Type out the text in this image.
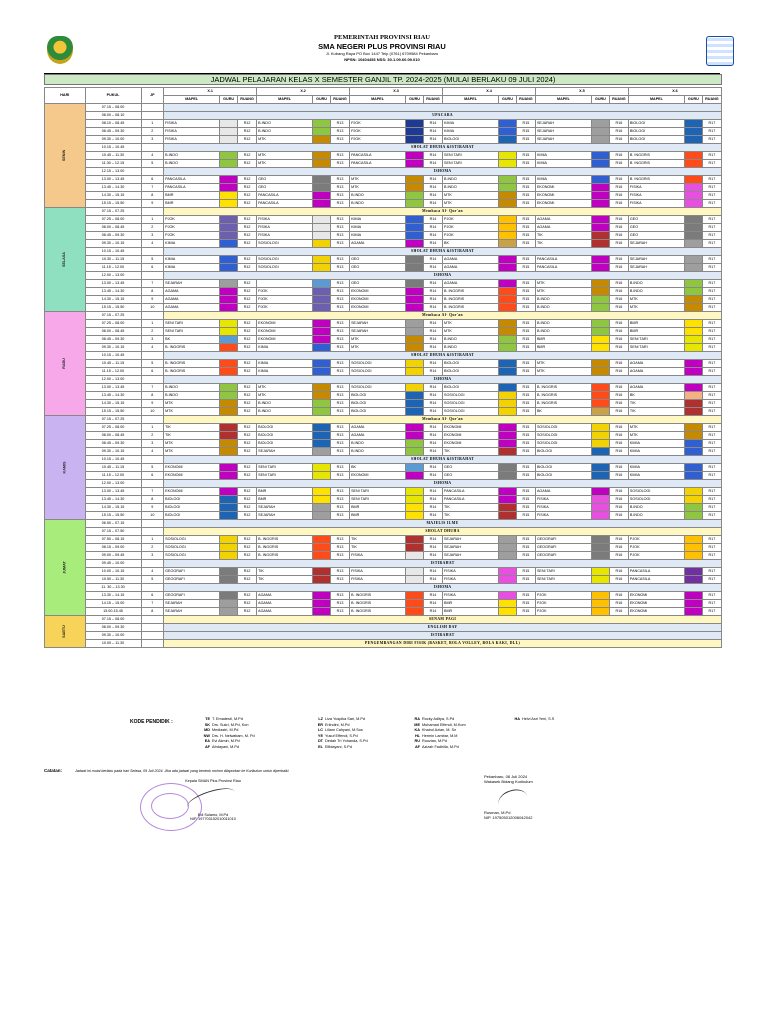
PEMERINTAH PROVINSI RIAU
SMA NEGERI PLUS PROVINSI RIAU
Jl. Kubang Raya PO Box 1447 Telp (0761) 6709584 Pekanbaru
NPSN: 10404453 NSS: 30.1.09.60.09.010
JADWAL PELAJARAN KELAS X SEMESTER GANJIL TP. 2024-2025 (MULAI BERLAKU 09 JULI 2024)
HARI	PUKUL	JP	X.1			X.2			X.3			X.4			X.5			X.6		
			MAPEL	GURU	RUANG	MAPEL	GURU	RUANG	MAPEL	GURU	RUANG	MAPEL	GURU	RUANG	MAPEL	GURU	RUANG	MAPEL	GURU	RUANG
SENIN	07.15 – 08.00																			
	08.00 – 08.10		UPACARA																	
	08.10 – 08.45	1	FISIKA		R12	B.INDO		R13	PJOK		R14	KIMIA		R15	SEJARAH		R16	BIOLOGI		R17
	08.45 – 09.30	2	FISIKA		R12	B.INDO		R13	PJOK		R14	KIMIA		R15	SEJARAH		R16	BIOLOGI		R17
	09.30 – 10.00	3	FISIKA		R12	MTK		R13	PJOK		R14	BIOLOGI		R15	SEJARAH		R16	BIOLOGI		R17
	10.15 – 10.45		SHOLAT DHUHA &ISTIRAHAT																	
	10.45 – 11.30	4	B.INDO		R12	MTK		R13	PANCASILA		R14	SENI TARI		R15	KIMIA		R16	B. INGGRIS		R17
	11.30 – 12.15	5	B.INDO		R12	MTK		R13	PANCASILA		R14	SENI TARI		R15	KIMIA		R16	B. INGGRIS		R17
	12.15 – 13.00		ISHOMA																	
	13.00 – 13.45	6	PANCASILA		R12	GEO		R13	MTK		R14	B.INDO		R15	KIMIA		R16	B. INGGRIS		R17
	13.45 – 14.30	7	PANCASILA		R12	GEO		R13	MTK		R14	B.INDO		R15	EKONOMI		R16	FISIKA		R17
	14.30 – 15.15	8	BMR		R12	PANCASILA		R13	B.INDO		R14	MTK		R15	EKONOMI		R16	FISIKA		R17
	15.15 – 15.50	9	BMR		R12	PANCASILA		R13	B.INDO		R14	MTK		R15	EKONOMI		R16	FISIKA		R17
SELASA	07.15 – 07.25		Membaca Al- Qur'an																	
	07.25 – 08.00	1	PJOK		R12	FISIKA		R13	KIMIA		R14	PJOK		R15	AGAMA		R16	GEO		R17
	08.00 – 08.45	2	PJOK		R12	FISIKA		R13	KIMIA		R14	PJOK		R15	AGAMA		R16	GEO		R17
	08.45 – 09.30	3	PJOK		R12	FISIKA		R13	KIMIA		R14	PJOK		R15	TIK		R16	GEO		R17
	09.30 – 10.15	4	KIMIA		R12	SOSIOLOGI		R13	AGAMA		R14	BK		R15	TIK		R16	SEJARAH		R17
	10.15 – 10.45		SHOLAT DHUHA &ISTIRAHAT																	
	10.30 – 11.15	5	KIMIA		R12	SOSIOLOGI		R13	GEO		R14	AGAMA		R15	PANCASILA		R16	SEJARAH		R17
	11.15 – 12.00	6	KIMIA		R12	SOSIOLOGI		R13	GEO		R14	AGAMA		R15	PANCASILA		R16	SEJARAH		R17
	12.00 – 13.00		ISHOMA																	
	13.00 – 13.45	7	SEJARAH		R12			R13	GEO		R14	AGAMA		R15	MTK		R16	B.INDO		R17
	13.45 – 14.30	8	AGAMA		R12	PJOK		R13	EKONOMI		R14	B. INGGRIS		R15	MTK		R16	B.INDO		R17
	14.30 – 15.15	9	AGAMA		R12	PJOK		R13	EKONOMI		R14	B. INGGRIS		R15	B.INDO		R16	MTK		R17
	15.15 – 15.50	10	AGAMA		R12	PJOK		R13	EKONOMI		R14	B. INGGRIS		R15	B.INDO		R16	MTK		R17
RABU	07.15 – 07.25		Membaca Al- Qur'an																	
	07.25 – 08.00	1	SENI TARI		R12	EKONOMI		R13	SEJARAH		R14	MTK		R15	B.INDO		R16	BMR		R17
	08.00 – 08.45	2	SENI TARI		R12	EKONOMI		R13	SEJARAH		R14	MTK		R15	B.INDO		R16	BMR		R17
	08.45 – 09.30	3	BK		R12	EKONOMI		R13	MTK		R14	B.INDO		R15	BMR		R16	SENI TARI		R17
	09.30 – 10.15	4	B. INGGRIS		R12	KIMIA		R13	MTK		R14	B.INDO		R15	BMR		R16	SENI TARI		R17
	10.15 – 10.45		SHOLAT DHUHA &ISTIRAHAT																	
	10.45 – 11.15	5	B. INGGRIS		R12	KIMIA		R13	SOSIOLOGI		R14	BIOLOGI		R15	MTK		R16	AGAMA		R17
	11.15 – 12.00	6	B. INGGRIS		R12	KIMIA		R13	SOSIOLOGI		R14	BIOLOGI		R15	MTK		R16	AGAMA		R17
	12.00 – 13.00		ISHOMA																	
	13.00 – 13.45	7	B.INDO		R12	MTK		R13	SOSIOLOGI		R14	BIOLOGI		R15	B. INGGRIS		R16	AGAMA		R17
	13.45 – 14.30	8	B.INDO		R12	MTK		R13	BIOLOGI		R14	SOSIOLOGI		R15	B. INGGRIS		R16	BK		R17
	14.30 – 15.15	9	MTK		R12	B.INDO		R13	BIOLOGI		R14	SOSIOLOGI		R15	B. INGGRIS		R16	TIK		R17
	15.15 – 15.50	10	MTK		R12	B.INDO		R13	BIOLOGI		R14	SOSIOLOGI		R15	BK		R16	TIK		R17
KAMIS	07.15 – 07.25		Membaca Al- Qur'an																	
	07.25 – 08.00	1	TIK		R12	BIOLOGI		R13	AGAMA		R14	EKONOMI		R15	SOSIOLOGI		R16	MTK		R17
	08.00 – 08.45	2	TIK		R12	BIOLOGI		R13	AGAMA		R14	EKONOMI		R15	SOSIOLOGI		R16	MTK		R17
	08.45 – 09.30	3	MTK		R12	BIOLOGI		R13	B.INDO		R14	EKONOMI		R15	SOSIOLOGI		R16	KIMIA		R17
	09.30 – 10.15	4	MTK		R12	SEJARAH		R13	B.INDO		R14	TIK		R15	BIOLOGI		R16	KIMIA		R17
	10.15 – 10.45		SHOLAT DHUHA &ISTIRAHAT																	
	10.45 – 11.15	5	EKONOMI		R12	SENI TARI		R13	BK		R14	GEO		R15	BIOLOGI		R16	KIMIA		R17
	11.15 – 12.00	6	EKONOMI		R12	SENI TARI		R13	EKONOMI		R14	GEO		R15	BIOLOGI		R16	KIMIA		R17
	12.00 – 13.00		ISHOMA																	
	13.00 – 13.45	7	EKONOMI		R12	BMR		R13	SENI TARI		R14	PANCASILA		R15	AGAMA		R16	SOSIOLOGI		R17
	13.45 – 14.30	8	BIOLOGI		R12	BMR		R13	SENI TARI		R14	PANCASILA		R15	FISIKA		R16	SOSIOLOGI		R17
	14.30 – 15.15	9	BIOLOGI		R12	SEJARAH		R13	BMR		R14	TIK		R15	FISIKA		R16	B.INDO		R17
	15.15 – 15.50	10	BIOLOGI		R12	SEJARAH		R13	BMR		R14	TIK		R15	FISIKA		R16	B.INDO		R17
JUMAT	06.50 – 07.15		MAJELIS ILMU																	
	07.15 – 07.50		SHOLAT DHUHA																	
	07.50 – 08.15	1	SOSIOLOGI		R12	B. INGGRIS		R13	TIK		R14	SEJARAH		R15	GEOGRAFI		R16	PJOK		R17
	08.15 – 09.00	2	SOSIOLOGI		R12	B. INGGRIS		R13	TIK		R14	SEJARAH		R15	GEOGRAFI		R16	PJOK		R17
	09.00 – 09.45	3	SOSIOLOGI		R12	B. INGGRIS		R13	FISIKA		R14	SEJARAH		R15	GEOGRAFI		R16	PJOK		R17
	09.45 – 10.00		ISTIRAHAT																	
	10.00 – 10.15	4	GEOGRAFI		R12	TIK		R13	FISIKA		R14	FISIKA		R15	SENI TARI		R16	PANCASILA		R17
	10.50 – 11.30	5	GEOGRAFI		R12	TIK		R13	FISIKA		R14	FISIKA		R15	SENI TARI		R16	PANCASILA		R17
	11. 30 – 13.30		ISHOMA																	
	13.30 – 14.15	6	GEOGRAFI		R12	AGAMA		R13	B. INGGRIS		R14	FISIKA		R15	PJOK		R16	EKONOMI		R17
	14.15 – 15.00	7	SEJARAH		R12	AGAMA		R13	B. INGGRIS		R14	BMR		R15	PJOK		R16	EKONOMI		R17
	15.00-15.45	8	SEJARAH		R12	AGAMA		R13	B. INGGRIS		R14	BMR		R15	PJOK		R16	EKONOMI		R17
SABTU	07.15 – 08.00		SENAM PAGI																	
	08.00 – 09.30		ENGLISH DAY																	
	09.30 – 10.00		ISTIRAHAT																	
	10.00 – 11.30		PENGEMBANGAN DIRI FISIK (BASKET, BOLA VOLLEY, BOLA KAKI, DLL)																	
KODE PENDIDIK :	TE T. Emadesti, M.Pd
SK Drs. Sukri, M.Pd, Kon
MD Mediastri, M.Pd
NW Drs. H. Nelwatiam, M. Pd
EA Evi Akmin, M.Pd
AF Afrdayani, M.Pd
LZ Liza Yuspika Sari, M.Pd
ER Erlindini, M.Pd
LC Liliam Cahyani, M.Sos
YE Yusuf Effendi, S.Pd
DT Dedah Tri Yohanda, S.Pd
EL Elfidayani, S.Pd
RA Rocky Aditya, S.Pd
ME Muhamad Elfendi, M.Kom
KA Khairul Azian, M. Sn
HL Hermin Lambar, M.M
RU Ruuzian, M.Pd
AF Azizah Fadhilla, M.Pd
HA Helvi Asri Yeni, S.S
Catatan:	Jadwal ini mulai berlaku pada hari Selasa, 09 Juli 2024. Jika ada jadwal yang bentrok mohon dilaporkan ke Kurikulum untuk diperbaiki.
Kepala SMAN Plus Provinsi Riau
Edi Sulamo, M.Pd
NIP. 197703152010011010
Pekanbaru, 08 Juli 2024
Wakasek Bidang Kurikulum
Rusman, M.Pd
NIP. 197505012006042042
